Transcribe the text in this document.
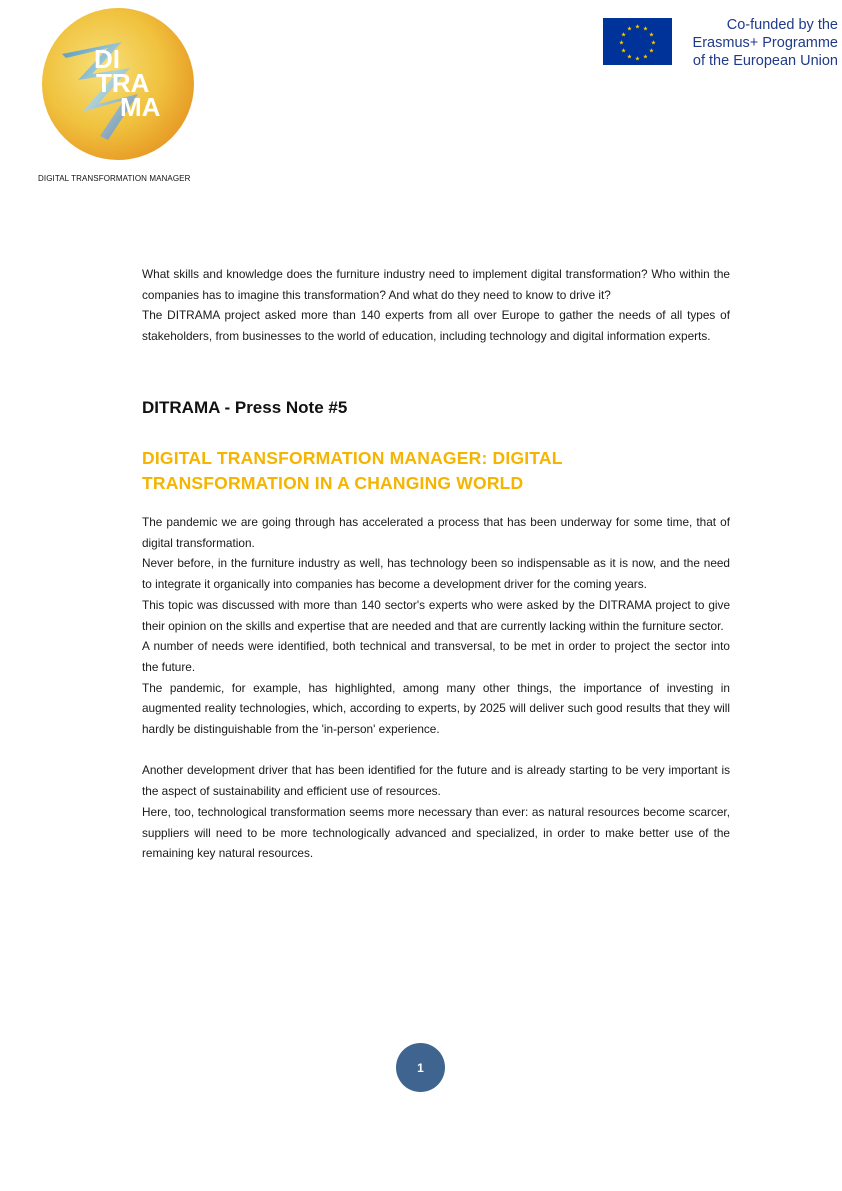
DI
TRA
MA
DIGITAL TRANSFORMATION MANAGER
★ ★
★
★
★
★
★
★
★
★
★
★	Co-funded by the
Erasmus+ Programme
of the European Union

What skills and knowledge does the furniture industry need to implement digital transformation? Who within the companies has to imagine this transformation? And what do they need to know to drive it?

The DITRAMA project asked more than 140 experts from all over Europe to gather the needs of all types of stakeholders, from businesses to the world of education, including technology and digital information experts.

DITRAMA - Press Note #5
DIGITAL TRANSFORMATION MANAGER: DIGITAL TRANSFORMATION IN A CHANGING WORLD

The pandemic we are going through has accelerated a process that has been underway for some time, that of digital transformation.

Never before, in the furniture industry as well, has technology been so indispensable as it is now, and the need to integrate it organically into companies has become a development driver for the coming years.

This topic was discussed with more than 140 sector's experts who were asked by the DITRAMA project to give their opinion on the skills and expertise that are needed and that are currently lacking within the furniture sector.

A number of needs were identified, both technical and transversal, to be met in order to project the sector into the future.

The pandemic, for example, has highlighted, among many other things, the importance of investing in augmented reality technologies, which, according to experts, by 2025 will deliver such good results that they will hardly be distinguishable from the 'in-person' experience.

Another development driver that has been identified for the future and is already starting to be very important is the aspect of sustainability and efficient use of resources.

Here, too, technological transformation seems more necessary than ever: as natural resources become scarcer, suppliers will need to be more technologically advanced and specialized, in order to make better use of the remaining key natural resources.

1
